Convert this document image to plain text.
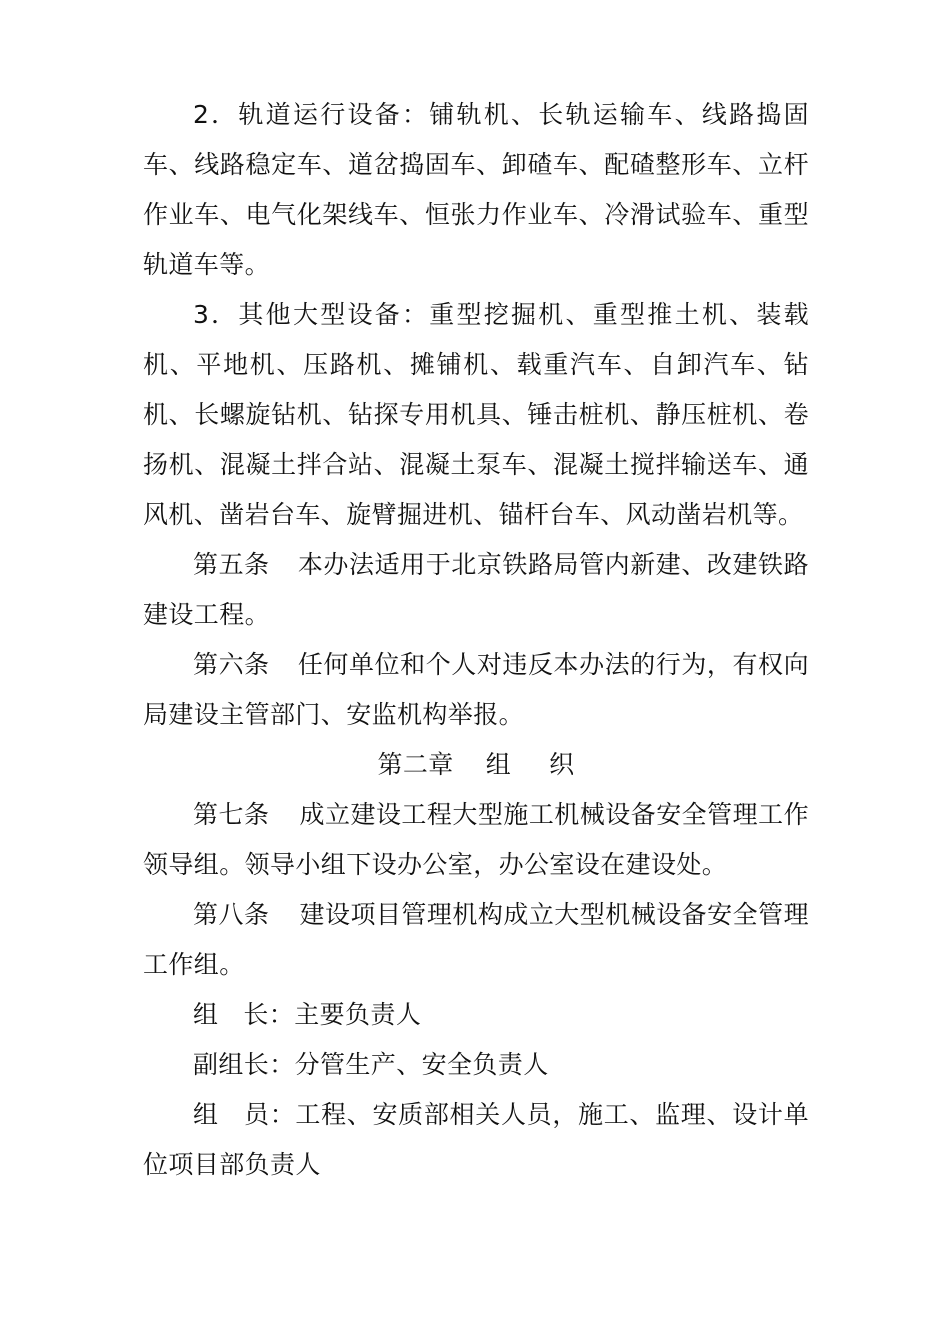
2．轨道运行设备：铺轨机、长轨运输车、线路捣固车、线路稳定车、道岔捣固车、卸碴车、配碴整形车、立杆作业车、电气化架线车、恒张力作业车、冷滑试验车、重型轨道车等。

3．其他大型设备：重型挖掘机、重型推土机、装载机、平地机、压路机、摊铺机、载重汽车、自卸汽车、钻机、长螺旋钻机、钻探专用机具、锤击桩机、静压桩机、卷扬机、混凝土拌合站、混凝土泵车、混凝土搅拌输送车、通风机、凿岩台车、旋臂掘进机、锚杆台车、风动凿岩机等。

第五条 本办法适用于北京铁路局管内新建、改建铁路建设工程。

第六条 任何单位和个人对违反本办法的行为，有权向局建设主管部门、安监机构举报。

第二章 组 织

第七条 成立建设工程大型施工机械设备安全管理工作领导组。领导小组下设办公室，办公室设在建设处。

第八条 建设项目管理机构成立大型机械设备安全管理工作组。

组 长：主要负责人

副组长：分管生产、安全负责人

组 员：工程、安质部相关人员，施工、监理、设计单位项目部负责人
